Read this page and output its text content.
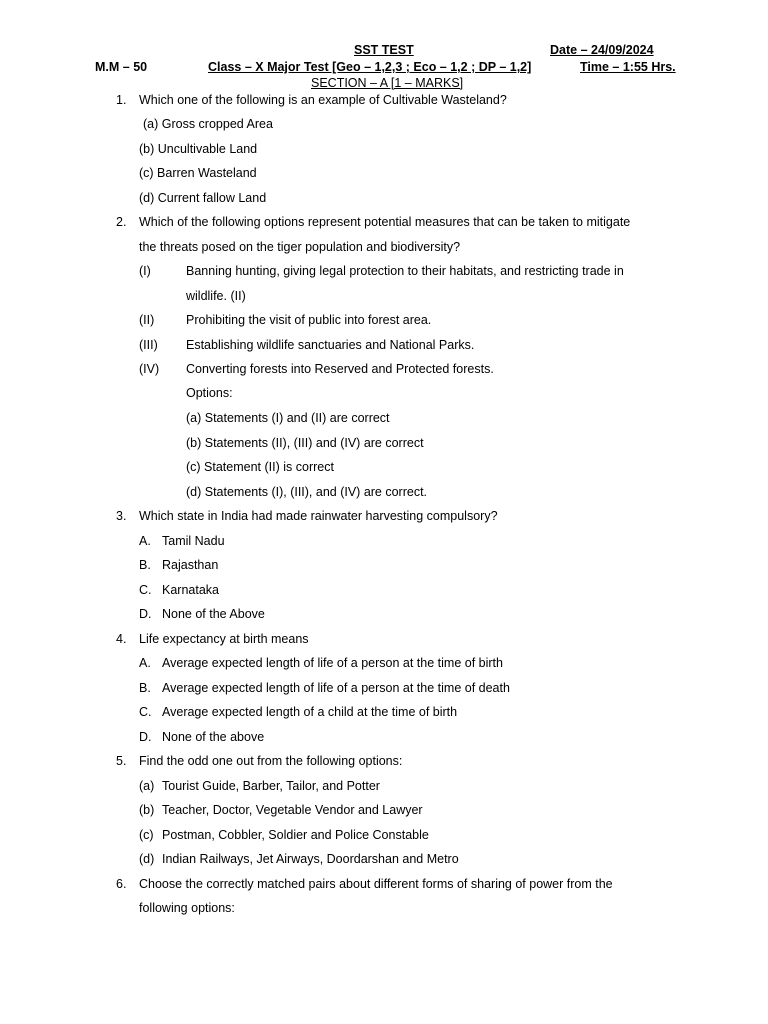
SST TEST	Date – 24/09/2024
M.M – 50	Class – X Major Test [Geo – 1,2,3 ; Eco – 1,2 ; DP – 1,2]	Time – 1:55 Hrs.
SECTION – A [1 – MARKS]
1. Which one of the following is an example of Cultivable Wasteland?
(a) Gross cropped Area
(b) Uncultivable Land
(c) Barren Wasteland
(d) Current fallow Land
2. Which of the following options represent potential measures that can be taken to mitigate
the threats posed on the tiger population and biodiversity?
(I)	Banning hunting, giving legal protection to their habitats, and restricting trade in
wildlife. (II)
(II)	Prohibiting the visit of public into forest area.
(III) Establishing wildlife sanctuaries and National Parks.
(IV) Converting forests into Reserved and Protected forests.
Options:
(a) Statements (I) and (II) are correct
(b) Statements (II), (III) and (IV) are correct
(c) Statement (II) is correct
(d) Statements (I), (III), and (IV) are correct.
3. Which state in India had made rainwater harvesting compulsory?
A. Tamil Nadu
B. Rajasthan
C. Karnataka
D. None of the Above
4. Life expectancy at birth means
A. Average expected length of life of a person at the time of birth
B. Average expected length of life of a person at the time of death
C. Average expected length of a child at the time of birth
D. None of the above
5. Find the odd one out from the following options:
(a) Tourist Guide, Barber, Tailor, and Potter
(b) Teacher, Doctor, Vegetable Vendor and Lawyer
(c) Postman, Cobbler, Soldier and Police Constable
(d) Indian Railways, Jet Airways, Doordarshan and Metro
6. Choose the correctly matched pairs about different forms of sharing of power from the
following options:
